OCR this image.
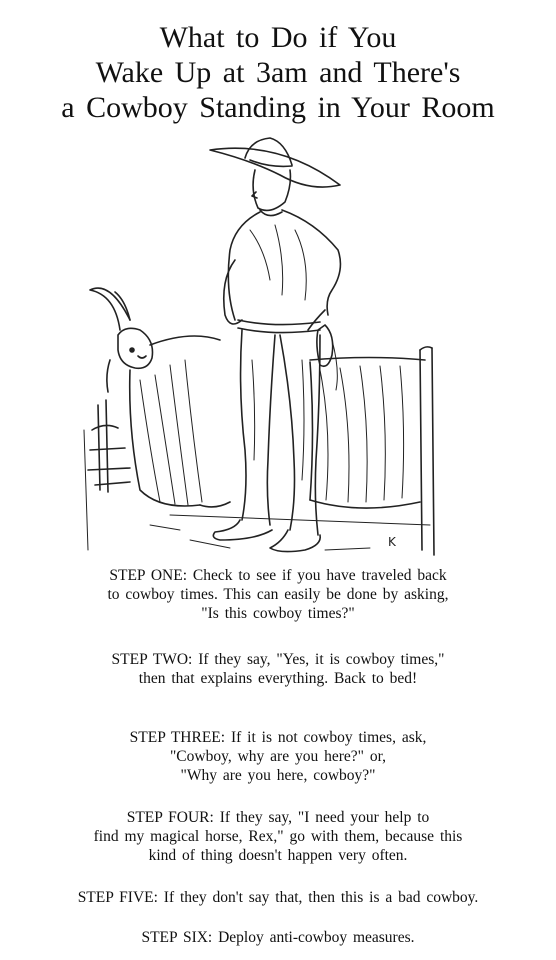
What to Do if You
Wake Up at 3am and There's
a Cowboy Standing in Your Room
K
STEP ONE: Check to see if you have traveled back
to cowboy times. This can easily be done by asking,
"Is this cowboy times?"
STEP TWO: If they say, "Yes, it is cowboy times,"
then that explains everything. Back to bed!
STEP THREE: If it is not cowboy times, ask,
"Cowboy, why are you here?" or,
"Why are you here, cowboy?"
STEP FOUR: If they say, "I need your help to
find my magical horse, Rex," go with them, because this
kind of thing doesn't happen very often.
STEP FIVE: If they don't say that, then this is a bad cowboy.
STEP SIX: Deploy anti-cowboy measures.
